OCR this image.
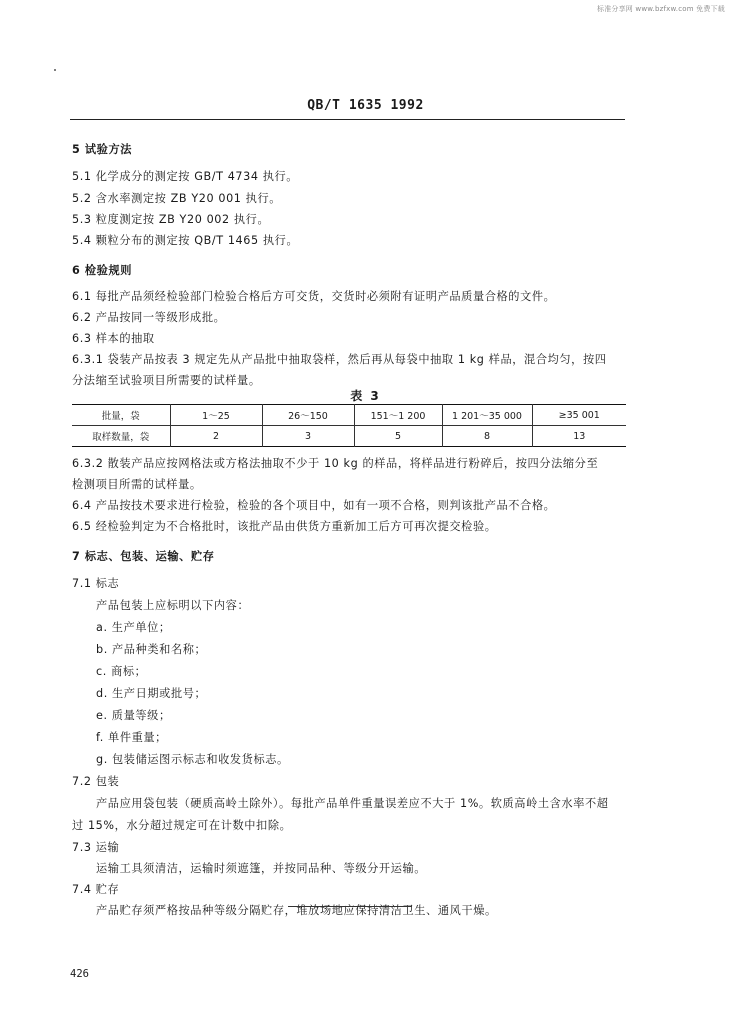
标准分享网 www.bzfxw.com 免费下载
QB/T 1635 1992
5 试验方法
5.1 化学成分的测定按 GB/T 4734 执行。
5.2 含水率测定按 ZB Y20 001 执行。
5.3 粒度测定按 ZB Y20 002 执行。
5.4 颗粒分布的测定按 QB/T 1465 执行。
6 检验规则
6.1 每批产品须经检验部门检验合格后方可交货，交货时必须附有证明产品质量合格的文件。
6.2 产品按同一等级形成批。
6.3 样本的抽取
6.3.1 袋装产品按表 3 规定先从产品批中抽取袋样，然后再从每袋中抽取 1 kg 样品，混合均匀，按四
分法缩至试验项目所需要的试样量。
表 3
批量，袋	1～25	26～150	151～1 200	1 201～35 000	≥35 001
取样数量，袋	2	3	5	8	13
6.3.2 散装产品应按网格法或方格法抽取不少于 10 kg 的样品，将样品进行粉碎后，按四分法缩分至
检测项目所需的试样量。
6.4 产品按技术要求进行检验，检验的各个项目中，如有一项不合格，则判该批产品不合格。
6.5 经检验判定为不合格批时，该批产品由供货方重新加工后方可再次提交检验。
7 标志、包装、运输、贮存
7.1 标志
产品包装上应标明以下内容：
a. 生产单位；
b. 产品种类和名称；
c. 商标；
d. 生产日期或批号；
e. 质量等级；
f. 单件重量；
g. 包装储运图示标志和收发货标志。
7.2 包装
产品应用袋包装（硬质高岭土除外）。每批产品单件重量误差应不大于 1%。软质高岭土含水率不超
过 15%，水分超过规定可在计数中扣除。
7.3 运输
运输工具须清洁，运输时须遮篷，并按同品种、等级分开运输。
7.4 贮存
产品贮存须严格按品种等级分隔贮存，堆放场地应保持清洁卫生、通风干燥。
426
